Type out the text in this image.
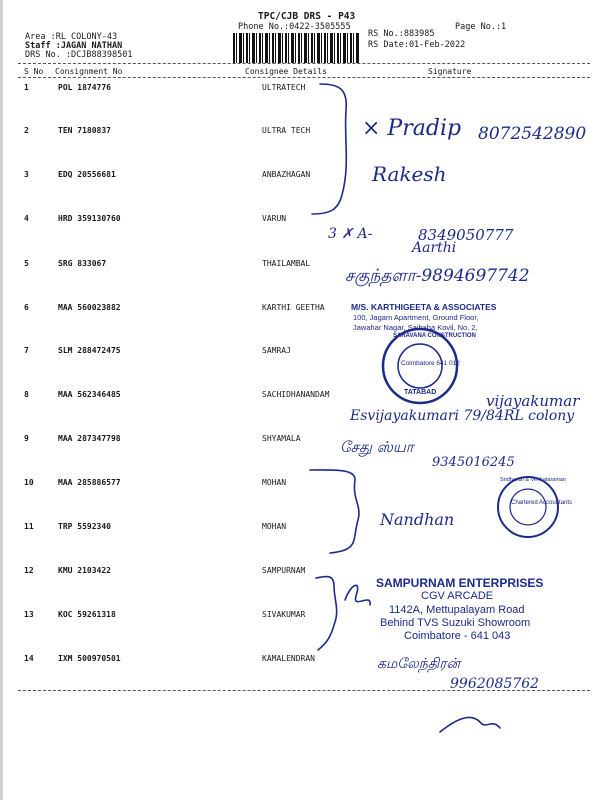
Area :RL COLONY-43
Staff :JAGAN NATHAN
DRS No. :DCJB88398501
TPC/CJB DRS - P43
Phone No.:0422-3505555
RS No.:883985
Page No.:1
RS Date:01-Feb-2022
S No Consignment No	Consignee Details	Signature
1	POL 1874776	ULTRATECH
2	TEN 7180837	ULTRA TECH
3	EDQ 20556681	ANBAZHAGAN
4	HRD 359130760	VARUN
5	SRG 833067	THAILAMBAL
6	MAA 560023882	KARTHI GEETHA
7	SLM 288472475	SAMRAJ
8	MAA 562346485	SACHIDHANANDAM
9	MAA 287347798	SHYAMALA
10	MAA 285886577	MOHAN
11	TRP 5592340	MOHAN
12	KMU 2103422	SAMPURNAM
13	KOC 59261318	SIVAKUMAR
14	IXM 500970501	KAMALENDRAN
× Pradip 8072542890
Rakesh
3 ✗ A-	8349050777
Aarthi
சகுந்தளா-9894697742
vijayakumar
Esvijayakumari 79/84RL colony
சேது ஸ்யா
9345016245
Nandhan
கமலேந்திரன்
9962085762
M/S. KARTHIGEETA & ASSOCIATES
100, Jagam Apartment, Ground Floor,
Jawahar Nagar, Saibaba Kovil, No. 2,
SARAVANA CONSTRUCTION
Coimbatore 641 012
TATABAD
Sridharan & Venkataraman
Chartered Accountants
SAMPURNAM ENTERPRISES
CGV ARCADE
1142A, Mettupalayam Road
Behind TVS Suzuki Showroom
Coimbatore - 641 043
